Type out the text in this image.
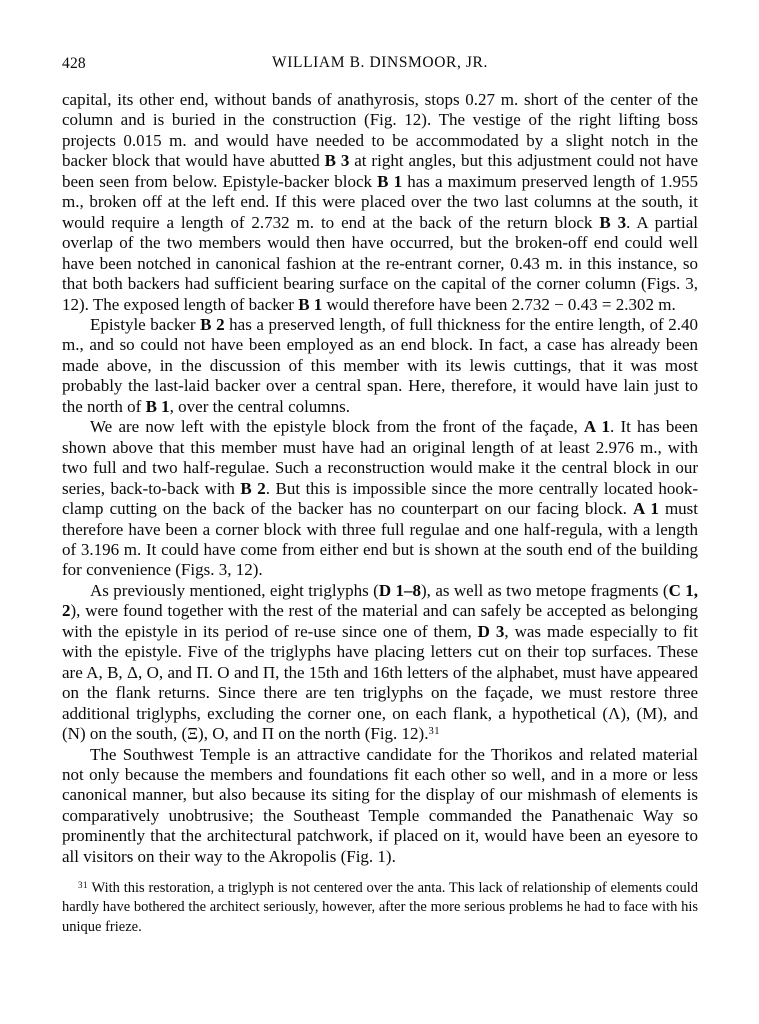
428	WILLIAM B. DINSMOOR, JR.

capital, its other end, without bands of anathyrosis, stops 0.27 m. short of the center of the column and is buried in the construction (Fig. 12). The vestige of the right lifting boss projects 0.015 m. and would have needed to be accommodated by a slight notch in the backer block that would have abutted B 3 at right angles, but this adjustment could not have been seen from below. Epistyle-backer block B 1 has a maximum preserved length of 1.955 m., broken off at the left end. If this were placed over the two last columns at the south, it would require a length of 2.732 m. to end at the back of the return block B 3. A partial overlap of the two members would then have occurred, but the broken-off end could well have been notched in canonical fashion at the re-entrant corner, 0.43 m. in this instance, so that both backers had sufficient bearing surface on the capital of the corner column (Figs. 3, 12). The exposed length of backer B 1 would therefore have been 2.732 − 0.43 = 2.302 m.

Epistyle backer B 2 has a preserved length, of full thickness for the entire length, of 2.40 m., and so could not have been employed as an end block. In fact, a case has already been made above, in the discussion of this member with its lewis cuttings, that it was most probably the last-laid backer over a central span. Here, therefore, it would have lain just to the north of B 1, over the central columns.

We are now left with the epistyle block from the front of the façade, A 1. It has been shown above that this member must have had an original length of at least 2.976 m., with two full and two half-regulae. Such a reconstruction would make it the central block in our series, back-to-back with B 2. But this is impossible since the more centrally located hook-clamp cutting on the back of the backer has no counterpart on our facing block. A 1 must therefore have been a corner block with three full regulae and one half-regula, with a length of 3.196 m. It could have come from either end but is shown at the south end of the building for convenience (Figs. 3, 12).

As previously mentioned, eight triglyphs (D 1–8), as well as two metope fragments (C 1, 2), were found together with the rest of the material and can safely be accepted as belonging with the epistyle in its period of re-use since one of them, D 3, was made especially to fit with the epistyle. Five of the triglyphs have placing letters cut on their top surfaces. These are A, B, Δ, O, and Π. O and Π, the 15th and 16th letters of the alphabet, must have appeared on the flank returns. Since there are ten triglyphs on the façade, we must restore three additional triglyphs, excluding the corner one, on each flank, a hypothetical (Λ), (M), and (N) on the south, (Ξ), O, and Π on the north (Fig. 12).$^{31}$

The Southwest Temple is an attractive candidate for the Thorikos and related material not only because the members and foundations fit each other so well, and in a more or less canonical manner, but also because its siting for the display of our mishmash of elements is comparatively unobtrusive; the Southeast Temple commanded the Panathenaic Way so prominently that the architectural patchwork, if placed on it, would have been an eyesore to all visitors on their way to the Akropolis (Fig. 1).

$^{31}$ With this restoration, a triglyph is not centered over the anta. This lack of relationship of elements could hardly have bothered the architect seriously, however, after the more serious problems he had to face with his unique frieze.
